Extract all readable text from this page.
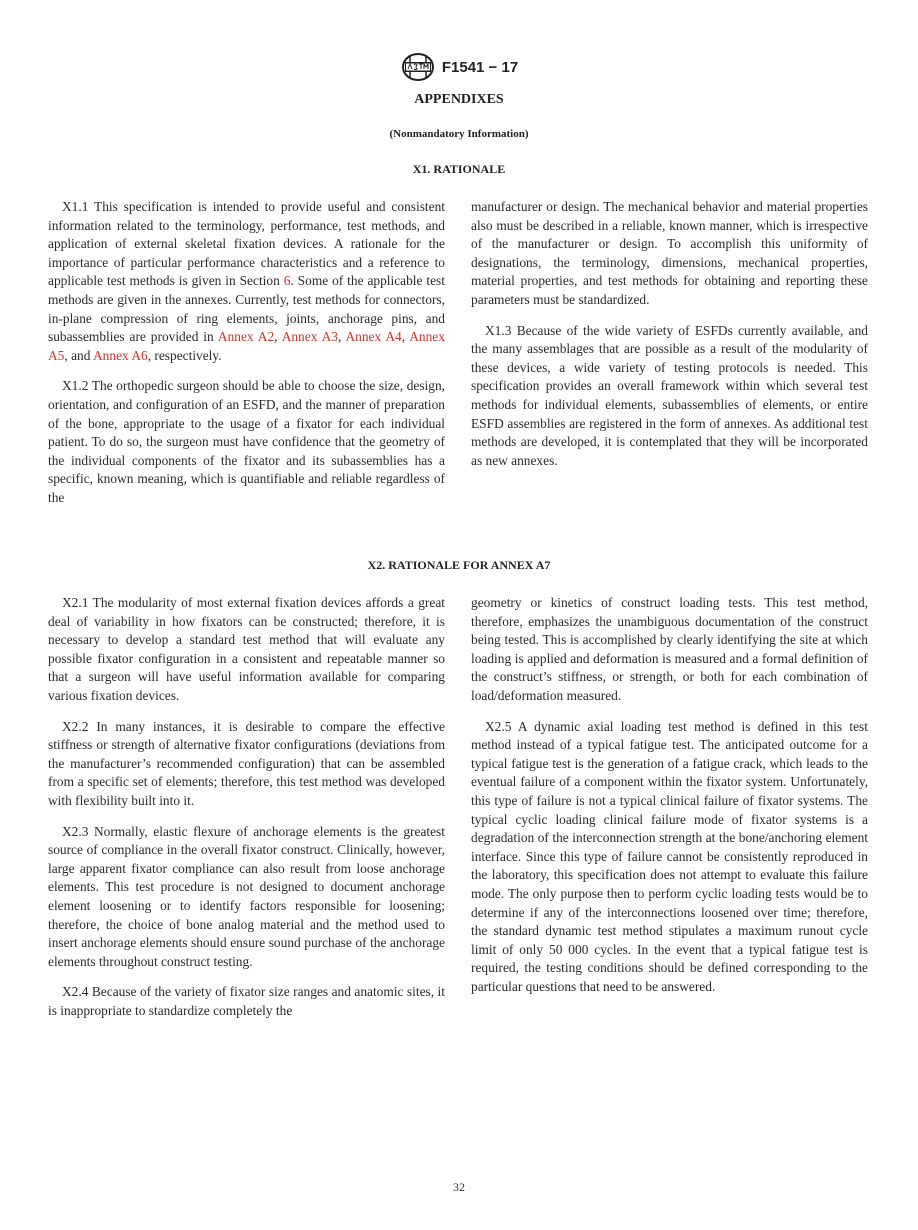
F1541 − 17
APPENDIXES
(Nonmandatory Information)
X1. RATIONALE

X1.1 This specification is intended to provide useful and consistent information related to the terminology, performance, test methods, and application of external skeletal fixation devices. A rationale for the importance of particular performance characteristics and a reference to applicable test methods is given in Section 6. Some of the applicable test methods are given in the annexes. Currently, test methods for connectors, in-plane compression of ring elements, joints, anchorage pins, and subassemblies are provided in Annex A2, Annex A3, Annex A4, Annex A5, and Annex A6, respectively.

X1.2 The orthopedic surgeon should be able to choose the size, design, orientation, and configuration of an ESFD, and the manner of preparation of the bone, appropriate to the usage of a fixator for each individual patient. To do so, the surgeon must have confidence that the geometry of the individual components of the fixator and its subassemblies has a specific, known meaning, which is quantifiable and reliable regardless of the

manufacturer or design. The mechanical behavior and material properties also must be described in a reliable, known manner, which is irrespective of the manufacturer or design. To accomplish this uniformity of designations, the terminology, dimensions, mechanical properties, material properties, and test methods for obtaining and reporting these parameters must be standardized.

X1.3 Because of the wide variety of ESFDs currently available, and the many assemblages that are possible as a result of the modularity of these devices, a wide variety of testing protocols is needed. This specification provides an overall framework within which several test methods for individual elements, subassemblies of elements, or entire ESFD assemblies are registered in the form of annexes. As additional test methods are developed, it is contemplated that they will be incorporated as new annexes.

X2. RATIONALE FOR ANNEX A7

X2.1 The modularity of most external fixation devices affords a great deal of variability in how fixators can be constructed; therefore, it is necessary to develop a standard test method that will evaluate any possible fixator configuration in a consistent and repeatable manner so that a surgeon will have useful information available for comparing various fixation devices.

X2.2 In many instances, it is desirable to compare the effective stiffness or strength of alternative fixator configurations (deviations from the manufacturer’s recommended configuration) that can be assembled from a specific set of elements; therefore, this test method was developed with flexibility built into it.

X2.3 Normally, elastic flexure of anchorage elements is the greatest source of compliance in the overall fixator construct. Clinically, however, large apparent fixator compliance can also result from loose anchorage elements. This test procedure is not designed to document anchorage element loosening or to identify factors responsible for loosening; therefore, the choice of bone analog material and the method used to insert anchorage elements should ensure sound purchase of the anchorage elements throughout construct testing.

X2.4 Because of the variety of fixator size ranges and anatomic sites, it is inappropriate to standardize completely the

geometry or kinetics of construct loading tests. This test method, therefore, emphasizes the unambiguous documentation of the construct being tested. This is accomplished by clearly identifying the site at which loading is applied and deformation is measured and a formal definition of the construct’s stiffness, or strength, or both for each combination of load/deformation measured.

X2.5 A dynamic axial loading test method is defined in this test method instead of a typical fatigue test. The anticipated outcome for a typical fatigue test is the generation of a fatigue crack, which leads to the eventual failure of a component within the fixator system. Unfortunately, this type of failure is not a typical clinical failure of fixator systems. The typical cyclic loading clinical failure mode of fixator systems is a degradation of the interconnection strength at the bone/anchoring element interface. Since this type of failure cannot be consistently reproduced in the laboratory, this specification does not attempt to evaluate this failure mode. The only purpose then to perform cyclic loading tests would be to determine if any of the interconnections loosened over time; therefore, the standard dynamic test method stipulates a maximum runout cycle limit of only 50 000 cycles. In the event that a typical fatigue test is required, the testing conditions should be defined corresponding to the particular questions that need to be answered.

32
